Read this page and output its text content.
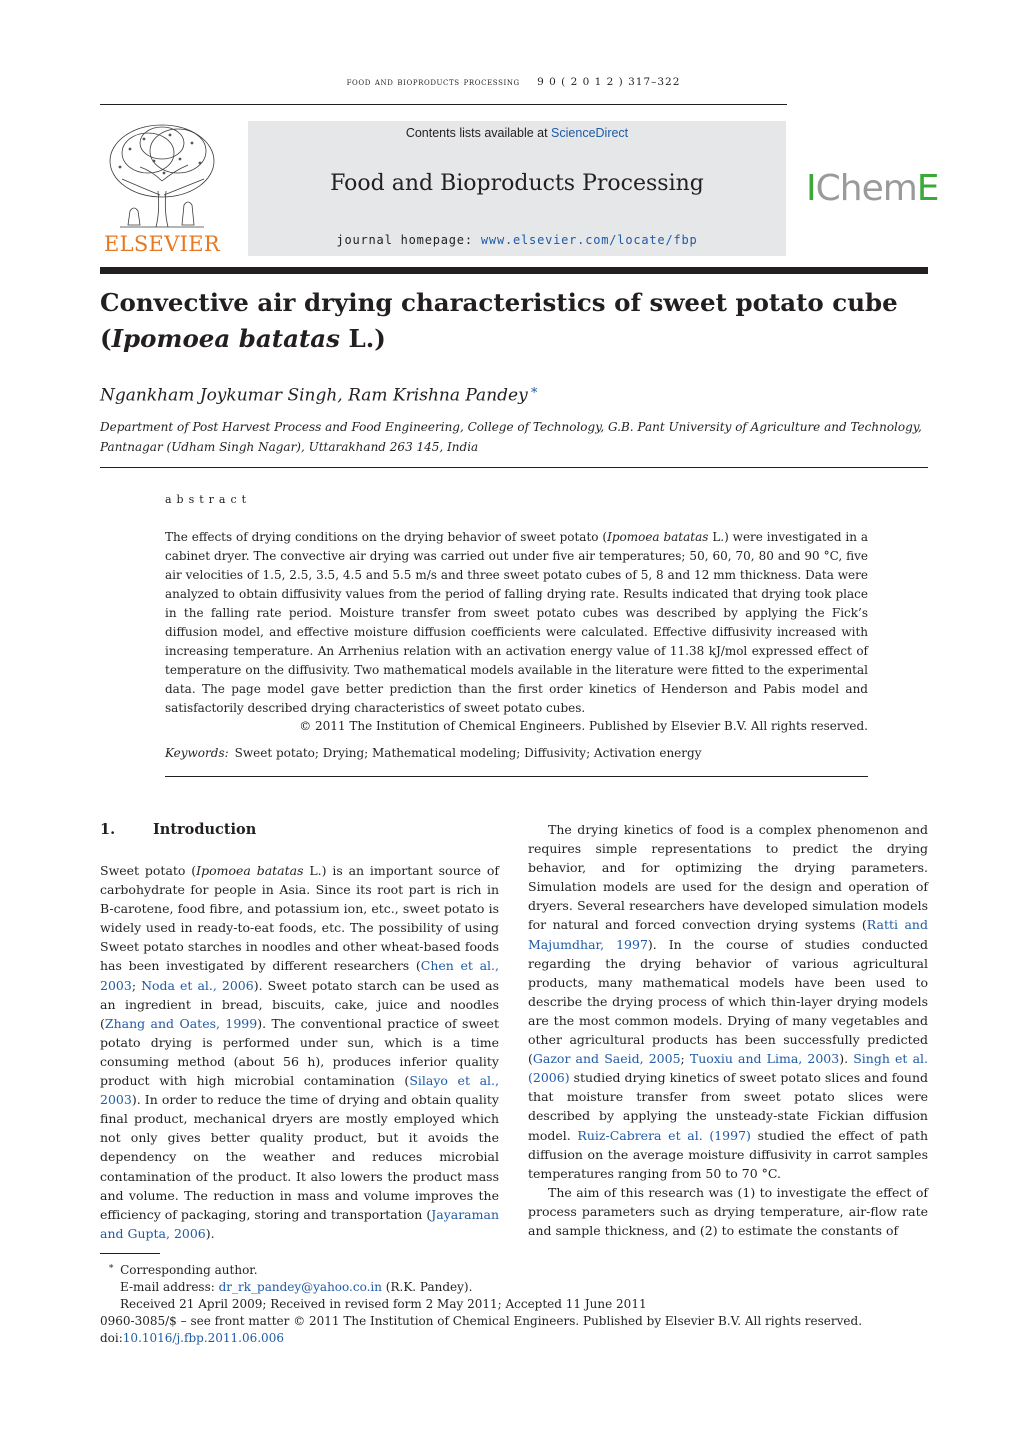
food and bioproducts processing 9 0 ( 2 0 1 2 ) 317–322
ELSEVIER
Contents lists available at ScienceDirect
Food and Bioproducts Processing
journal homepage: www.elsevier.com/locate/fbp
IChemE
Convective air drying characteristics of sweet potato cube
(Ipomoea batatas L.)
Ngankham Joykumar Singh, Ram Krishna Pandey ∗
Department of Post Harvest Process and Food Engineering, College of Technology, G.B. Pant University of Agriculture and Technology, Pantnagar (Udham Singh Nagar), Uttarakhand 263 145, India
abstract
The effects of drying conditions on the drying behavior of sweet potato (Ipomoea batatas L.) were investigated in a cabinet dryer. The convective air drying was carried out under five air temperatures; 50, 60, 70, 80 and 90 °C, five air velocities of 1.5, 2.5, 3.5, 4.5 and 5.5 m/s and three sweet potato cubes of 5, 8 and 12 mm thickness. Data were analyzed to obtain diffusivity values from the period of falling drying rate. Results indicated that drying took place in the falling rate period. Moisture transfer from sweet potato cubes was described by applying the Fick’s diffusion model, and effective moisture diffusion coefficients were calculated. Effective diffusivity increased with increasing temperature. An Arrhenius relation with an activation energy value of 11.38 kJ/mol expressed effect of temperature on the diffusivity. Two mathematical models available in the literature were fitted to the experimental data. The page model gave better prediction than the first order kinetics of Henderson and Pabis model and satisfactorily described drying characteristics of sweet potato cubes.
© 2011 The Institution of Chemical Engineers. Published by Elsevier B.V. All rights reserved.
Keywords: Sweet potato; Drying; Mathematical modeling; Diffusivity; Activation energy
1.	Introduction

Sweet potato (Ipomoea batatas L.) is an important source of carbohydrate for people in Asia. Since its root part is rich in B-carotene, food fibre, and potassium ion, etc., sweet potato is widely used in ready-to-eat foods, etc. The possibility of using Sweet potato starches in noodles and other wheat-based foods has been investigated by different researchers (Chen et al., 2003; Noda et al., 2006). Sweet potato starch can be used as an ingredient in bread, biscuits, cake, juice and noodles (Zhang and Oates, 1999). The conventional practice of sweet potato drying is performed under sun, which is a time consuming method (about 56 h), produces inferior quality product with high microbial contamination (Silayo et al., 2003). In order to reduce the time of drying and obtain quality final product, mechanical dryers are mostly employed which not only gives better quality product, but it avoids the dependency on the weather and reduces microbial contamination of the product. It also lowers the product mass and volume. The reduction in mass and volume improves the efficiency of packaging, storing and transportation (Jayaraman and Gupta, 2006).

The drying kinetics of food is a complex phenomenon and requires simple representations to predict the drying behavior, and for optimizing the drying parameters. Simulation models are used for the design and operation of dryers. Several researchers have developed simulation models for natural and forced convection drying systems (Ratti and Majumdhar, 1997). In the course of studies conducted regarding the drying behavior of various agricultural products, many mathematical models have been used to describe the drying process of which thin-layer drying models are the most common models. Drying of many vegetables and other agricultural products has been successfully predicted (Gazor and Saeid, 2005; Tuoxiu and Lima, 2003). Singh et al. (2006) studied drying kinetics of sweet potato slices and found that moisture transfer from sweet potato slices were described by applying the unsteady-state Fickian diffusion model. Ruiz-Cabrera et al. (1997) studied the effect of path diffusion on the average moisture diffusivity in carrot samples temperatures ranging from 50 to 70 °C.

The aim of this research was (1) to investigate the effect of process parameters such as drying temperature, air-flow rate and sample thickness, and (2) to estimate the constants of

∗ Corresponding author.
E-mail address: dr_rk_pandey@yahoo.co.in (R.K. Pandey).
Received 21 April 2009; Received in revised form 2 May 2011; Accepted 11 June 2011
0960-3085/$ – see front matter © 2011 The Institution of Chemical Engineers. Published by Elsevier B.V. All rights reserved.
doi:10.1016/j.fbp.2011.06.006
